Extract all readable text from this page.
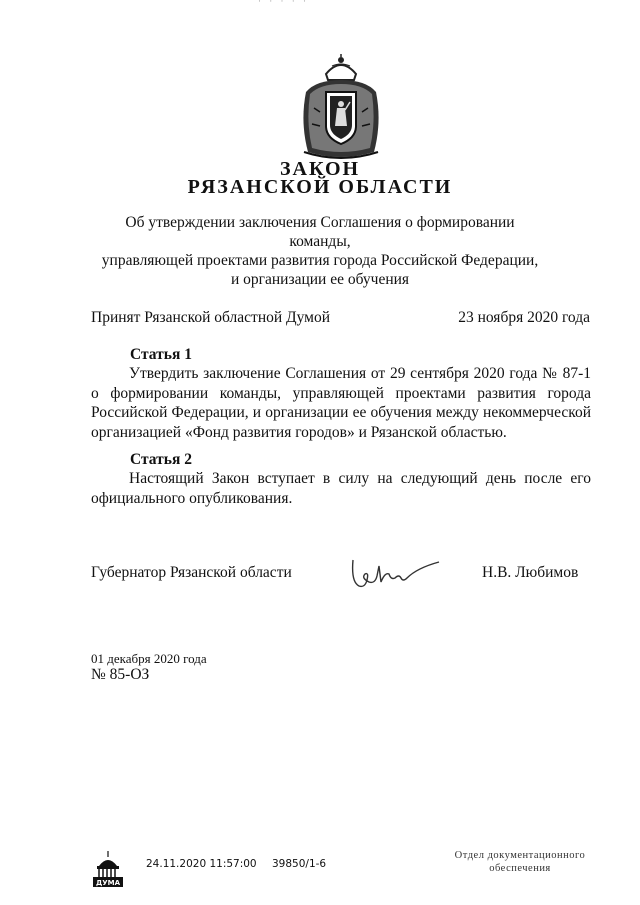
· · · · ·
ЗАКОН
РЯЗАНСКОЙ ОБЛАСТИ
Об утверждении заключения Соглашения о формировании команды,
управляющей проектами развития города Российской Федерации,
и организации ее обучения
Принят Рязанской областной Думой	23 ноября 2020 года
Статья 1
Утвердить заключение Соглашения от 29 сентября 2020 года № 87-1 о формировании команды, управляющей проектами развития города Российской Федерации, и организации ее обучения между некоммерческой организацией «Фонд развития городов» и Рязанской областью.
Статья 2
Настоящий Закон вступает в силу на следующий день после его официального опубликования.
Губернатор Рязанской области	Н.В. Любимов
01 декабря 2020 года
№ 85-ОЗ
ДУМА
24.11.2020 11:57:00 39850/1-6
Отдел документационного
обеспечения
